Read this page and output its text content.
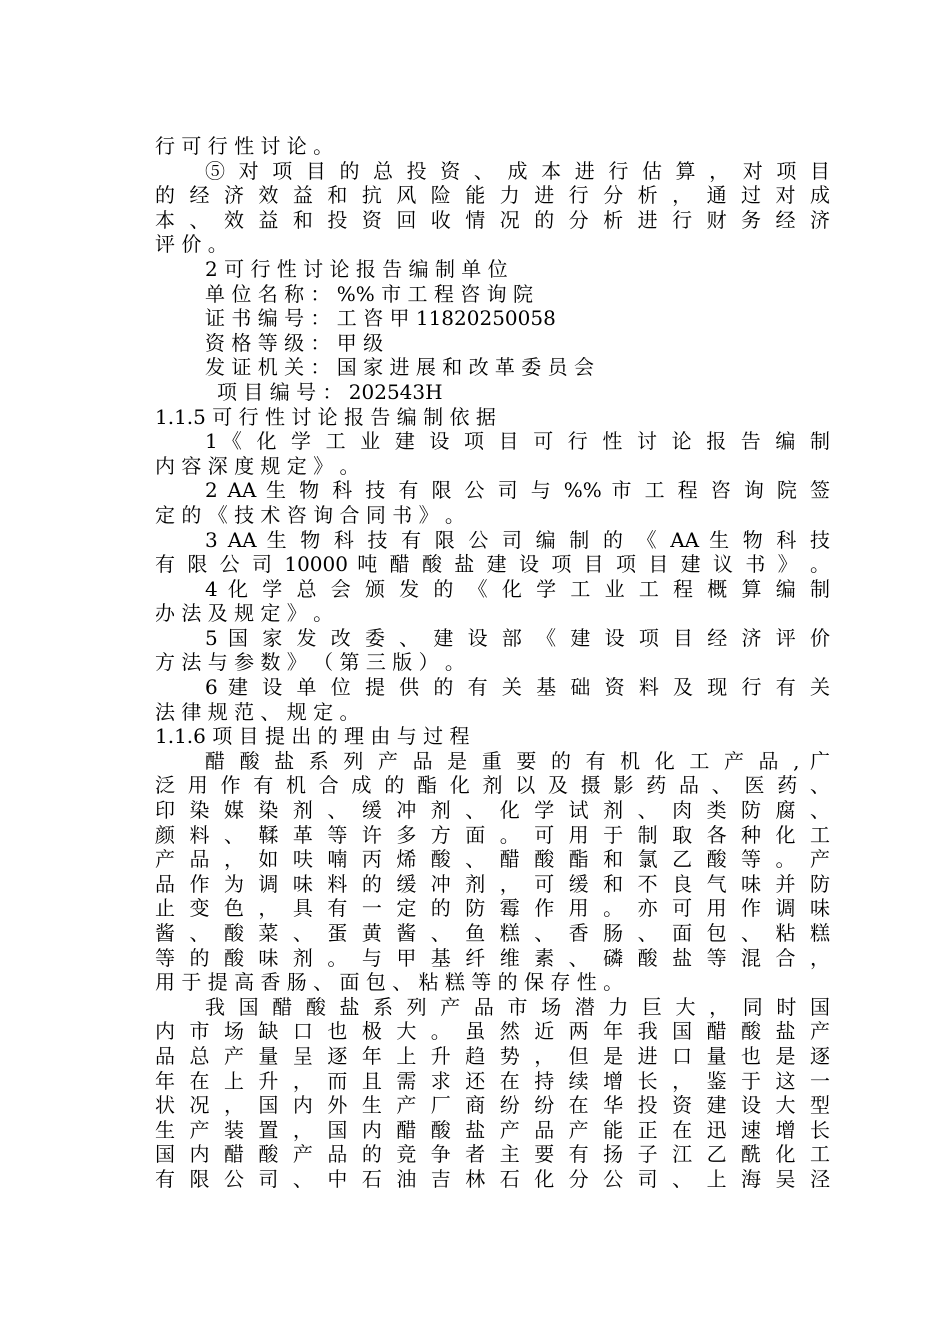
行 可 行 性 讨 论 。
⑤ 对 项 目 的 总 投 资 、 成 本 进 行 估 算 ， 对 项 目
的 经 济 效 益 和 抗 风 险 能 力 进 行 分 析 ， 通 过 对 成
本 、 效 益 和 投 资 回 收 情 况 的 分 析 进 行 财 务 经 济
评 价 。
2 可 行 性 讨 论 报 告 编 制 单 位
单 位 名 称 ： %% 市 工 程 咨 询 院
证 书 编 号 ： 工 咨 甲 11820250058
资 格 等 级 ： 甲 级
发 证 机 关 ： 国 家 进 展 和 改 革 委 员 会
项 目 编 号 ： 202543H
1.1.5 可 行 性 讨 论 报 告 编 制 依 据
1《 化 学 工 业 建 设 项 目 可 行 性 讨 论 报 告 编 制
内 容 深 度 规 定 》 。
2 AA 生 物 科 技 有 限 公 司 与 %% 市 工 程 咨 询 院 签
定 的 《 技 术 咨 询 合 同 书 》 。
3 AA 生 物 科 技 有 限 公 司 编 制 的 《 AA 生 物 科 技
有 限 公 司 10000 吨 醋 酸 盐 建 设 项 目 项 目 建 议 书 》 。
4 化 学 总 会 颁 发 的 《 化 学 工 业 工 程 概 算 编 制
办 法 及 规 定 》 。
5 国 家 发 改 委 、 建 设 部 《 建 设 项 目 经 济 评 价
方 法 与 参 数 》 （ 第 三 版 ） 。
6 建 设 单 位 提 供 的 有 关 基 础 资 料 及 现 行 有 关
法 律 规 范 、 规 定 。
1.1.6 项 目 提 出 的 理 由 与 过 程
醋 酸 盐 系 列 产 品 是 重 要 的 有 机 化 工 产 品 , 广
泛 用 作 有 机 合 成 的 酯 化 剂 以 及 摄 影 药 品 、 医 药 、
印 染 媒 染 剂 、 缓 冲 剂 、 化 学 试 剂 、 肉 类 防 腐 、
颜 料 、 鞣 革 等 许 多 方 面 。 可 用 于 制 取 各 种 化 工
产 品 ， 如 呋 喃 丙 烯 酸 、 醋 酸 酯 和 氯 乙 酸 等 。 产
品 作 为 调 味 料 的 缓 冲 剂 ， 可 缓 和 不 良 气 味 并 防
止 变 色 ， 具 有 一 定 的 防 霉 作 用 。 亦 可 用 作 调 味
酱 、 酸 菜 、 蛋 黄 酱 、 鱼 糕 、 香 肠 、 面 包 、 粘 糕
等 的 酸 味 剂 。 与 甲 基 纤 维 素 、 磷 酸 盐 等 混 合 ，
用 于 提 高 香 肠 、 面 包 、 粘 糕 等 的 保 存 性 。
我 国 醋 酸 盐 系 列 产 品 市 场 潜 力 巨 大 ， 同 时 国
内 市 场 缺 口 也 极 大 。 虽 然 近 两 年 我 国 醋 酸 盐 产
品 总 产 量 呈 逐 年 上 升 趋 势 ， 但 是 进 口 量 也 是 逐
年 在 上 升 ， 而 且 需 求 还 在 持 续 增 长 ， 鉴 于 这 一
状 况 ， 国 内 外 生 产 厂 商 纷 纷 在 华 投 资 建 设 大 型
生 产 装 置 ， 国 内 醋 酸 盐 产 品 产 能 正 在 迅 速 增 长
国 内 醋 酸 产 品 的 竞 争 者 主 要 有 扬 子 江 乙 酰 化 工
有 限 公 司 、 中 石 油 吉 林 石 化 分 公 司 、 上 海 吴 泾
